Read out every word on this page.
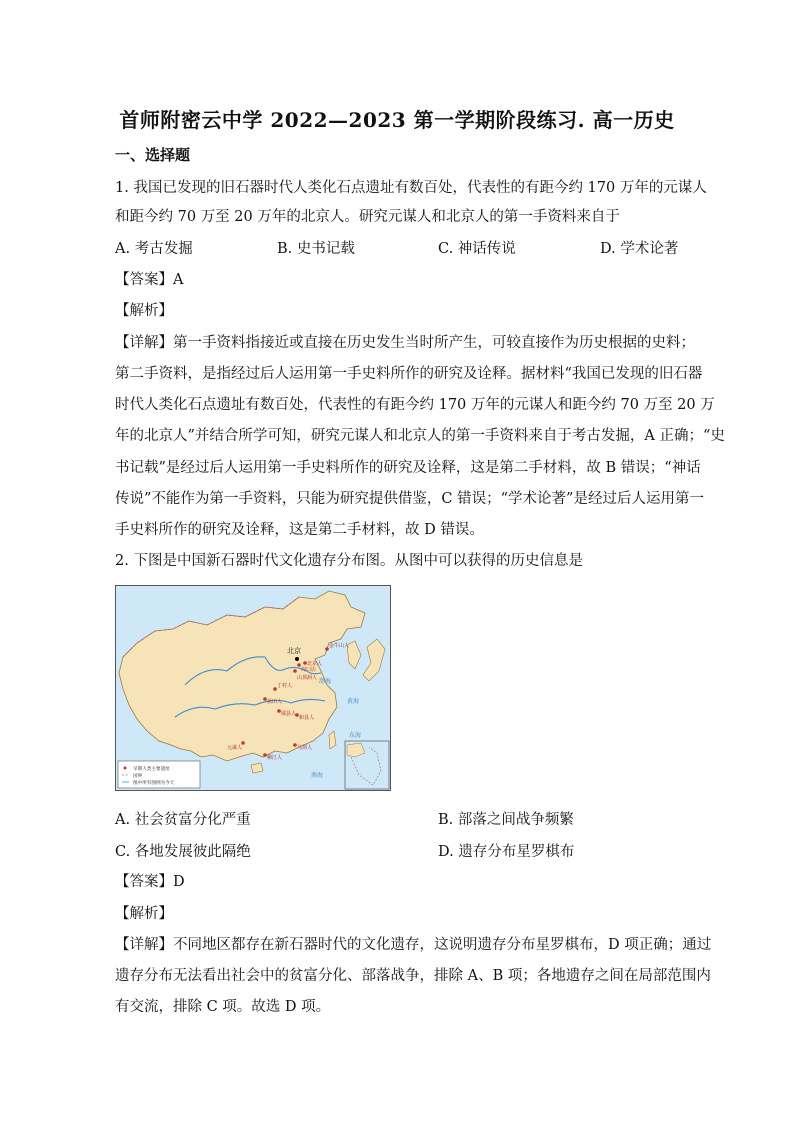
首师附密云中学 2022—2023 第一学期阶段练习. 高一历史
一、选择题
1. 我国已发现的旧石器时代人类化石点遗址有数百处，代表性的有距今约 170 万年的元谋人
和距今约 70 万至 20 万年的北京人。研究元谋人和北京人的第一手资料来自于
A. 考古发掘	B. 史书记载	C. 神话传说	D. 学术论著
【答案】A
【解析】
【详解】第一手资料指接近或直接在历史发生当时所产生，可较直接作为历史根据的史料；
第二手资料，是指经过后人运用第一手史料所作的研究及诠释。据材料“我国已发现的旧石器
时代人类化石点遗址有数百处，代表性的有距今约 170 万年的元谋人和距今约 70 万至 20 万
年的北京人”并结合所学可知，研究元谋人和北京人的第一手资料来自于考古发掘，A 正确；“史
书记载”是经过后人运用第一手史料所作的研究及诠释，这是第二手材料，故 B 错误；“神话
传说”不能作为第一手资料，只能为研究提供借鉴，C 错误；“学术论著”是经过后人运用第一
手史料所作的研究及诠释，这是第二手材料，故 D 错误。
2. 下图是中国新石器时代文化遗存分布图。从图中可以获得的历史信息是
北京
周口店
北京人
金牛山人
山顶洞人
丁村人
蓝田人
郧县人
和县人
元谋人	马坝人
柳江人
渤海
黄海
东海
南海
早期人类主要遗址
国界
图中所有图例为今天
A. 社会贫富分化严重	B. 部落之间战争频繁
C. 各地发展彼此隔绝	D. 遗存分布星罗棋布
【答案】D
【解析】
【详解】不同地区都存在新石器时代的文化遗存，这说明遗存分布星罗棋布，D 项正确；通过
遗存分布无法看出社会中的贫富分化、部落战争，排除 A、B 项；各地遗存之间在局部范围内
有交流，排除 C 项。故选 D 项。
